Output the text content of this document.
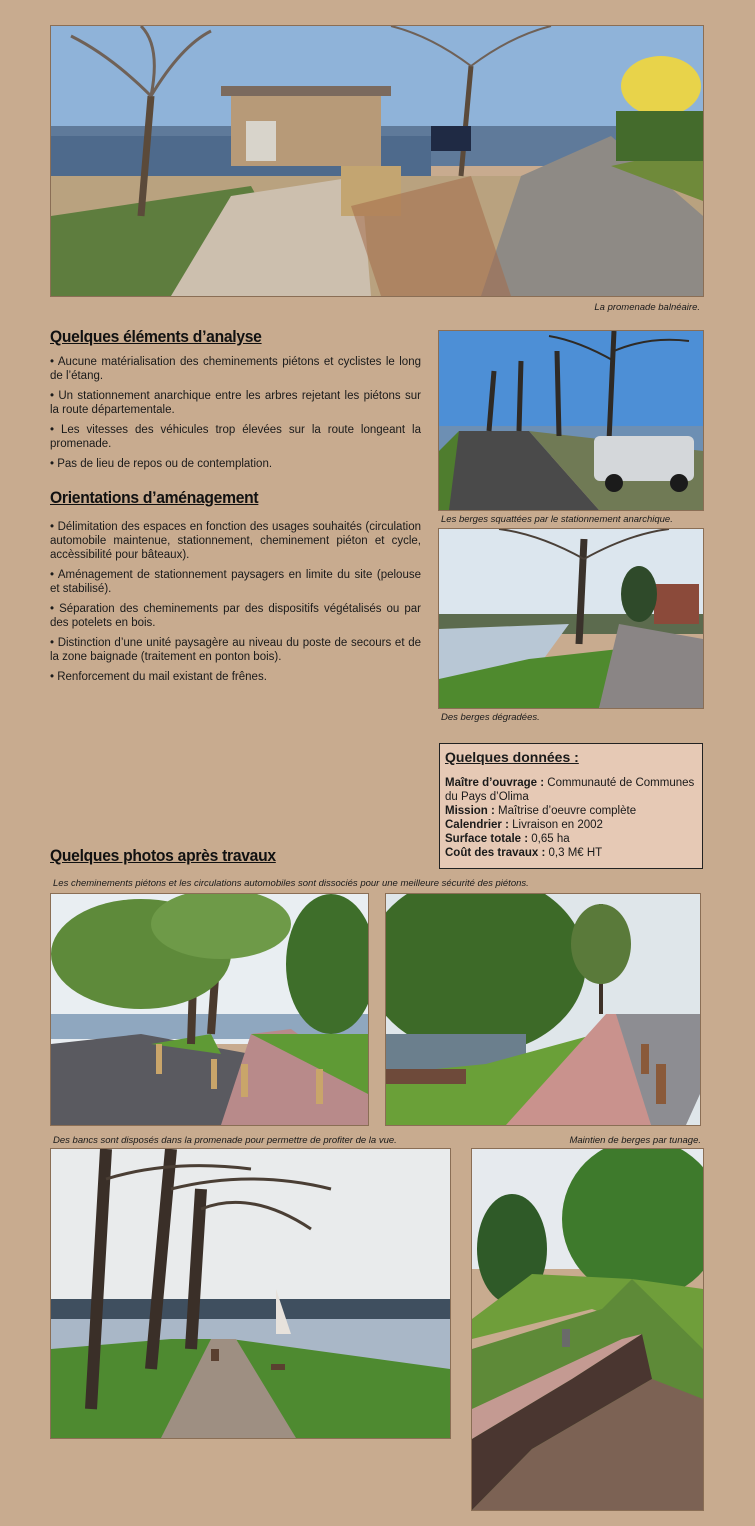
La promenade balnéaire.
Quelques éléments d’analyse
• Aucune matérialisation des cheminements piétons et cyclistes le long de l’étang.
• Un stationnement anarchique entre les arbres rejetant les piétons sur la route départementale.
• Les vitesses des véhicules trop élevées sur la route longeant la promenade.
• Pas de lieu de repos ou de contemplation.
Orientations d’aménagement
• Délimitation des espaces en fonction des usages souhaités (circulation automobile maintenue, stationnement, cheminement piéton et cycle, accèssibilité pour bâteaux).
• Aménagement de stationnement paysagers en limite du site (pelouse et stabilisé).
• Séparation des cheminements par des dispositifs végétalisés ou par des potelets en bois.
• Distinction d’une unité paysagère au niveau du poste de secours et de la zone baignade (traitement en ponton bois).
• Renforcement du mail existant de frênes.
Les berges squattées par le stationnement anarchique.
Des berges dégradées.
Quelques données :
Maître d’ouvrage : Communauté de Communes du Pays d’Olima
Mission : Maîtrise d’oeuvre complète
Calendrier : Livraison en 2002
Surface totale : 0,65 ha
Coût des travaux : 0,3 M€ HT
Quelques photos après travaux
Les cheminements piétons et les circulations automobiles sont dissociés pour une meilleure sécurité des piétons.
Des bancs sont disposés dans la promenade pour permettre de profiter de la vue.	Maintien de berges par tunage.
